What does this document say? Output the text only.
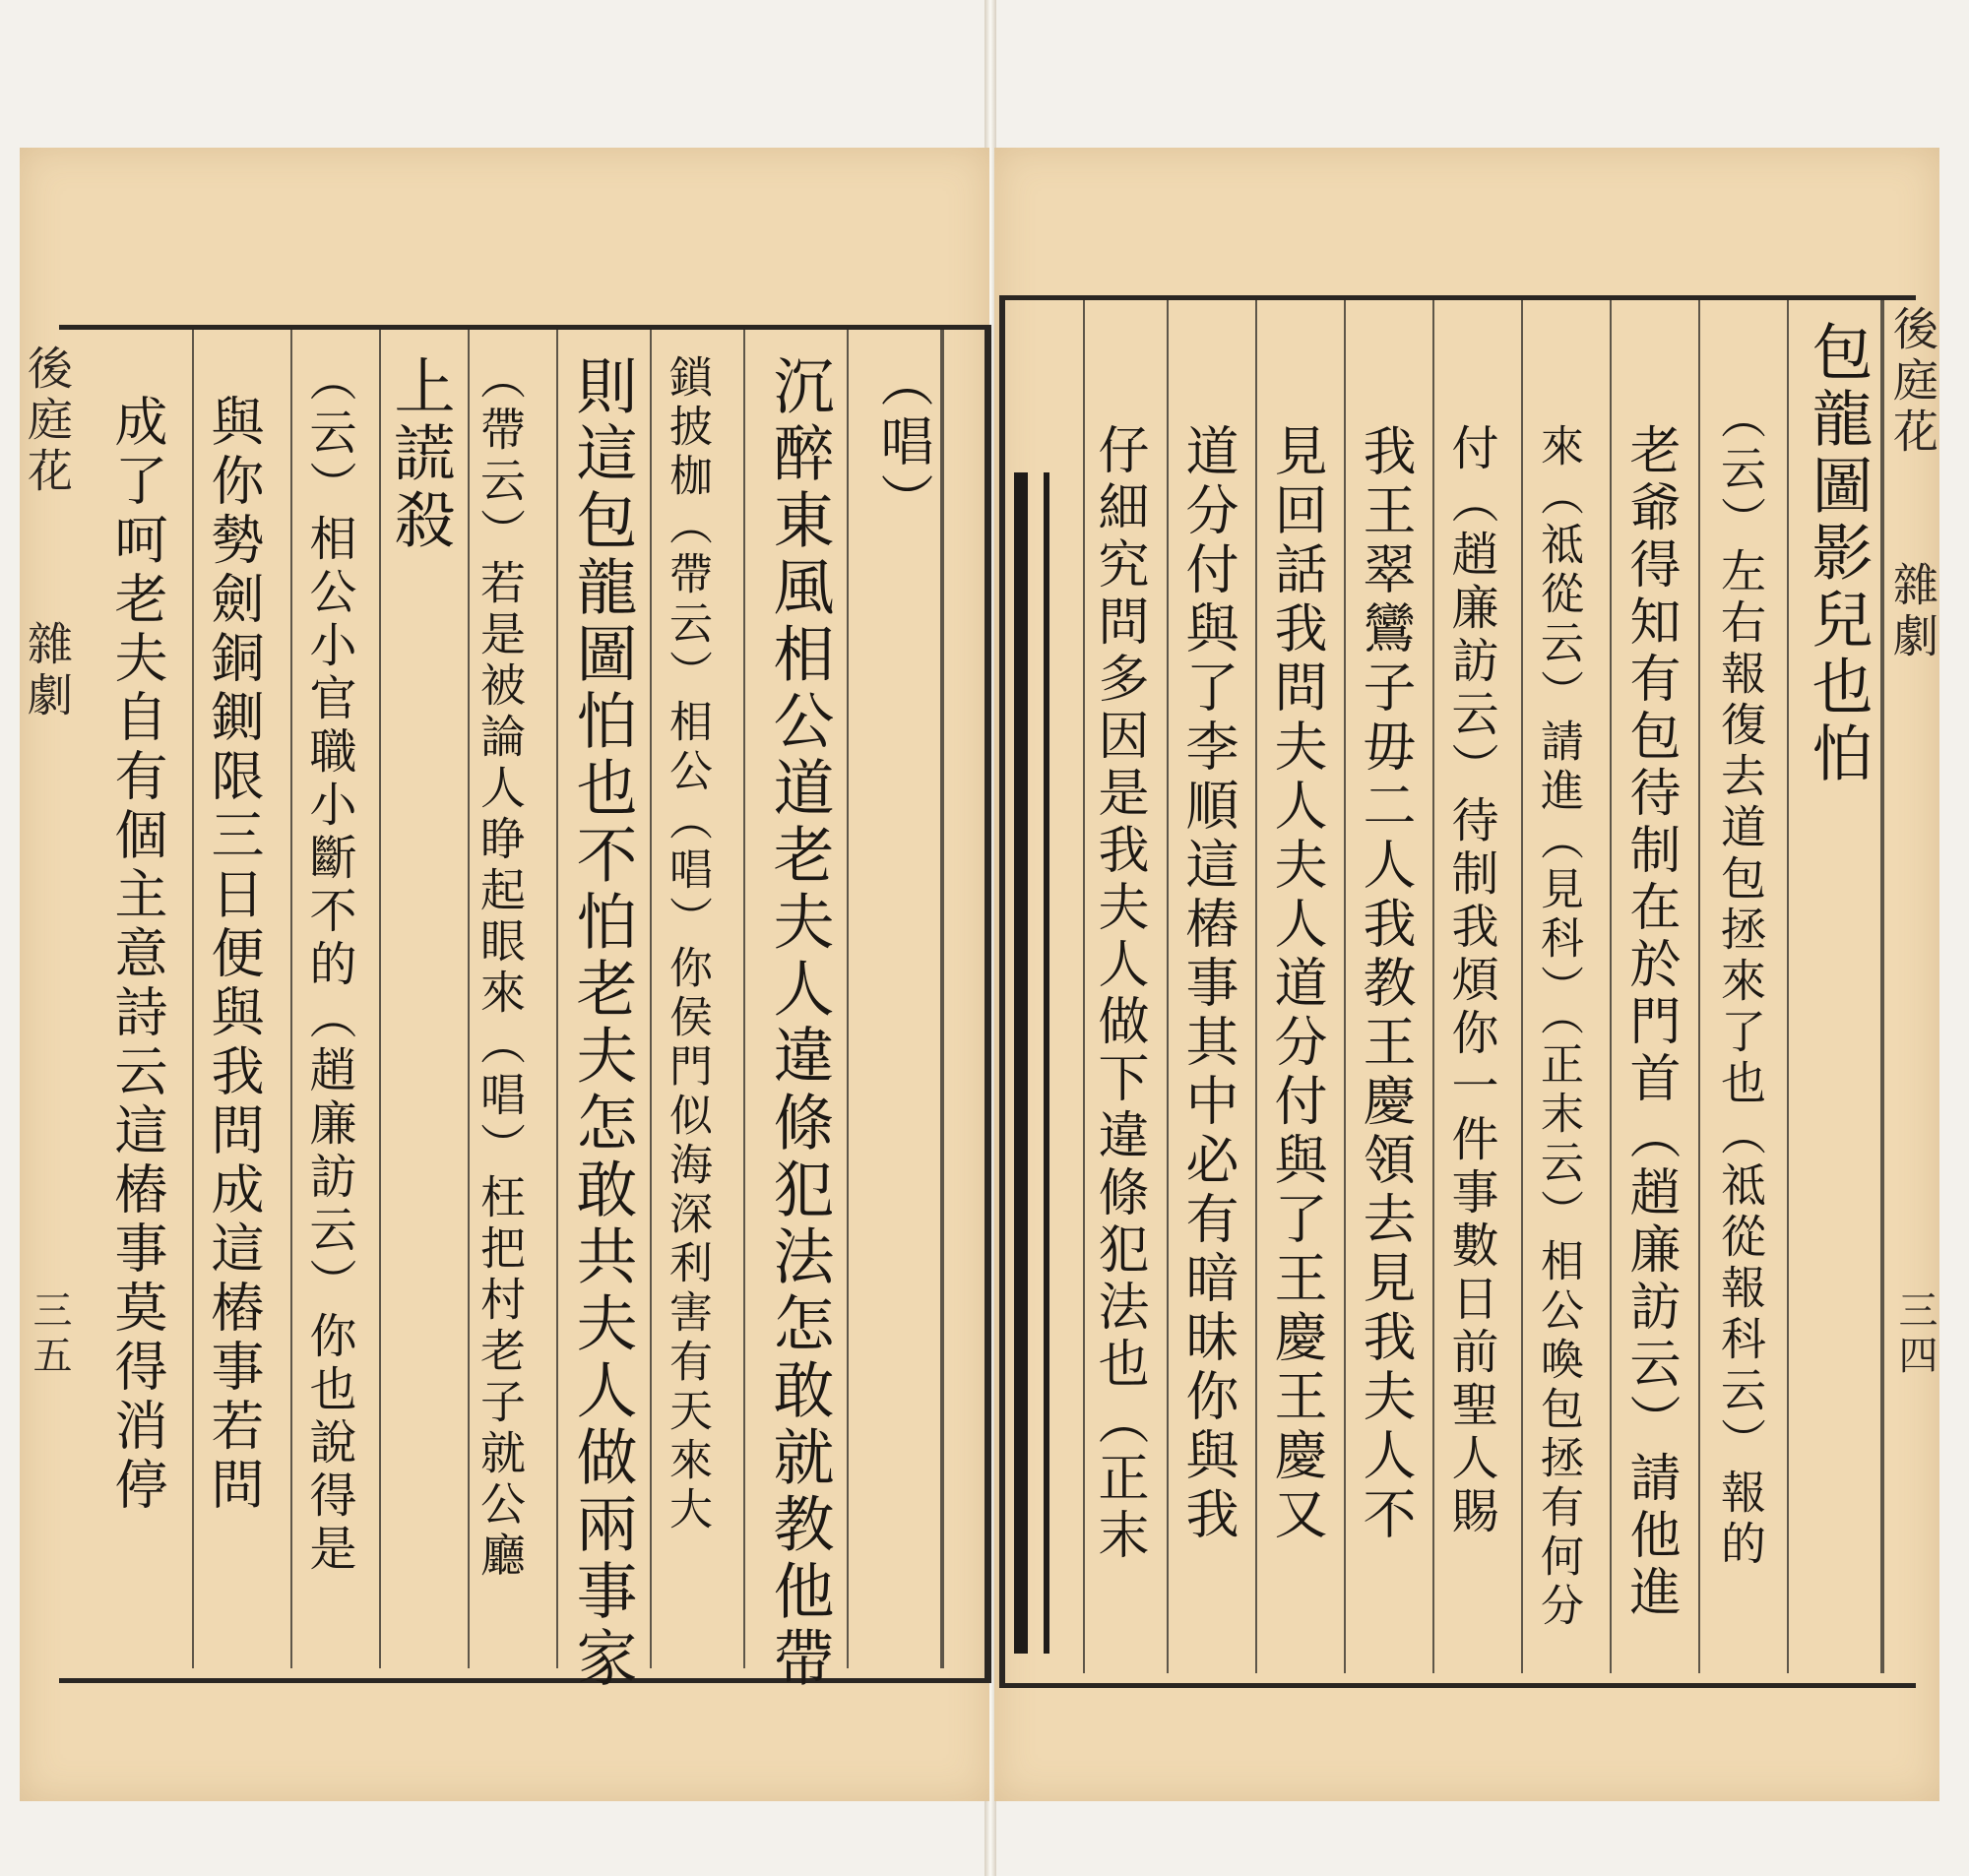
後庭花
雜劇
三五
（唱）
沉醉東風相公道老夫人違條犯法怎敢就教他帶
鎖披枷（帶云）相公（唱）你侯門似海深利害有天來大
則這包龍圖怕也不怕老夫怎敢共夫人做兩事家
（帶云）若是被論人睁起眼來（唱）枉把村老子就公廳
上謊殺
（云）相公小官職小斷不的（趙廉訪云）你也說得是
與你勢劍銅鍘限三日便與我問成這樁事若問
成了呵老夫自有個主意詩云這樁事莫得消停
後庭花
雜劇
三四
包龍圖影兒也怕
（云）左右報復去道包拯來了也（祗從報科云）報的
老爺得知有包待制在於門首（趙廉訪云）請他進
來（祗從云）請進（見科）（正末云）相公喚包拯有何分
付（趙廉訪云）待制我煩你一件事數日前聖人賜
我王翠鸞子毋二人我教王慶領去見我夫人不
見回話我問夫人夫人道分付與了王慶王慶又
道分付與了李順這樁事其中必有暗昧你與我
仔細究問多因是我夫人做下違條犯法也（正末
